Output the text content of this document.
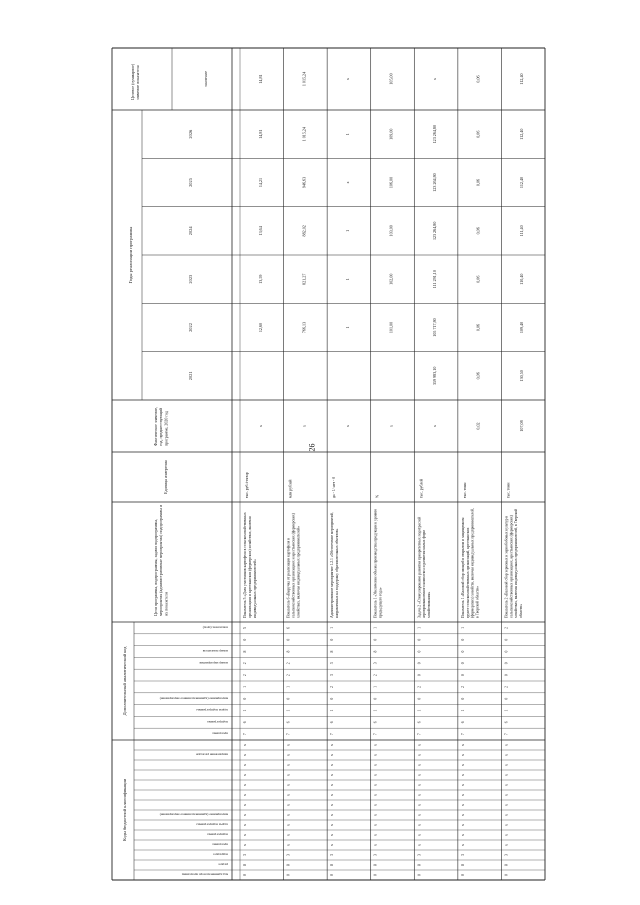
26
Коды бюджетной классификации
код администратора программы
раздел
подраздел
программа
подпрограмма
задача подпрограммы
мероприятие (административное мероприятие)
направление расходов
Дополнительный аналитический код
программа
подпрограмма
задача подпрограммы
мероприятие (административное мероприятие)
номер мероприятия
номер показателя
показатель (цель)
Цели программы, подпрограммы, задачи подпрограммы, мероприятия (административные мероприятия) подпрограммы и их показатели
Единица измерения
Фактическое значение, год, предшествующий программе, 2020 год
Годы реализации программы
2021
2022
2023
2024
2025
2026
Целевое (суммарное) значение показателя	значение
0
8
3
x
x
x
x
x
x
x
x
x
x
x
7
6
1
0
1
2
2
8
0
5
Показатель 5 «Доля участников картофеля в сельскохозяйственных организациях и крестьянских (фермерских) хозяйствах, включая индивидуальных предпринимателей»
тыс. руб./гектар
x
12,60
13,59
13,64
14,21
14,81
14,81
0
8
3
x
x
x
x
x
x
x
x
x
x
x
7
6
1
0
1
2
2
8
0
6
Показатель 6 «Выручка от реализации картофеля в сельскохозяйственных организациях и крестьянских (фермерских) хозяйствах, включая индивидуальных предпринимателей»
млн рублей
x
766,13
821,27
882,02
946,63
1 015,24
1 015,24
0
8
3
x
x
x
x
x
x
x
x
x
x
x
7
6
1
0
2
3
3
8
0
1
Административное мероприятие 1.2.1 «Обеспечение мероприятий, направленных на поддержку образовательных объектов»
да - 1/ нет - 0
x
1
1
1
x
1
x
0
8
3
x
x
x
x
x
x
x
x
x
x
x
7
6
1
0
1
2
3
8
0
1
Показатель 1 «Увеличение объема производства продукции к уровню предыдущего года»
%
x
101,00
102,00
103,00
106,00
109,00
105,00
0
8
3
x
x
x
x
x
x
x
x
x
x
x
7
6
1
0
2
0
0
0
0
1
Задача 2 «Стимулирование развития приоритетных подотраслей агропромышленного комплекса и развития малых форм хозяйствования»
тыс. рублей
x
359 983,10
105 717,80
111 291,10
123 264,80
123 264,80
123 264,80
x
0
8
3
x
x
x
x
x
x
x
x
x
x
x
7
6
1
0
2
0
0
0
0
1
Показатель 1 «Валовой сбор овощей в открытом и защищенном грунте сельскохозяйственных организаций, крестьянских (фермерских) хозяйств, включая индивидуальных предпринимателей, в Тверской области»
тыс. тонн
0,02
0,06
0,06
0,06
0,06
0,06
0,06
0,06
0
8
3
x
x
x
x
x
x
x
x
x
x
x
7
6
1
0
2
0
0
0
0
2
Показатель 2 «Валовой сбор зерновых и зернобобовых культур в сельскохозяйственных организациях, крестьянских (фермерских) хозяйствах, включая индивидуальных предпринимателей, в Тверской области»
тыс. тонн
107,08
130,50
109,40
110,40
111,40
112,40
112,40
112,40
